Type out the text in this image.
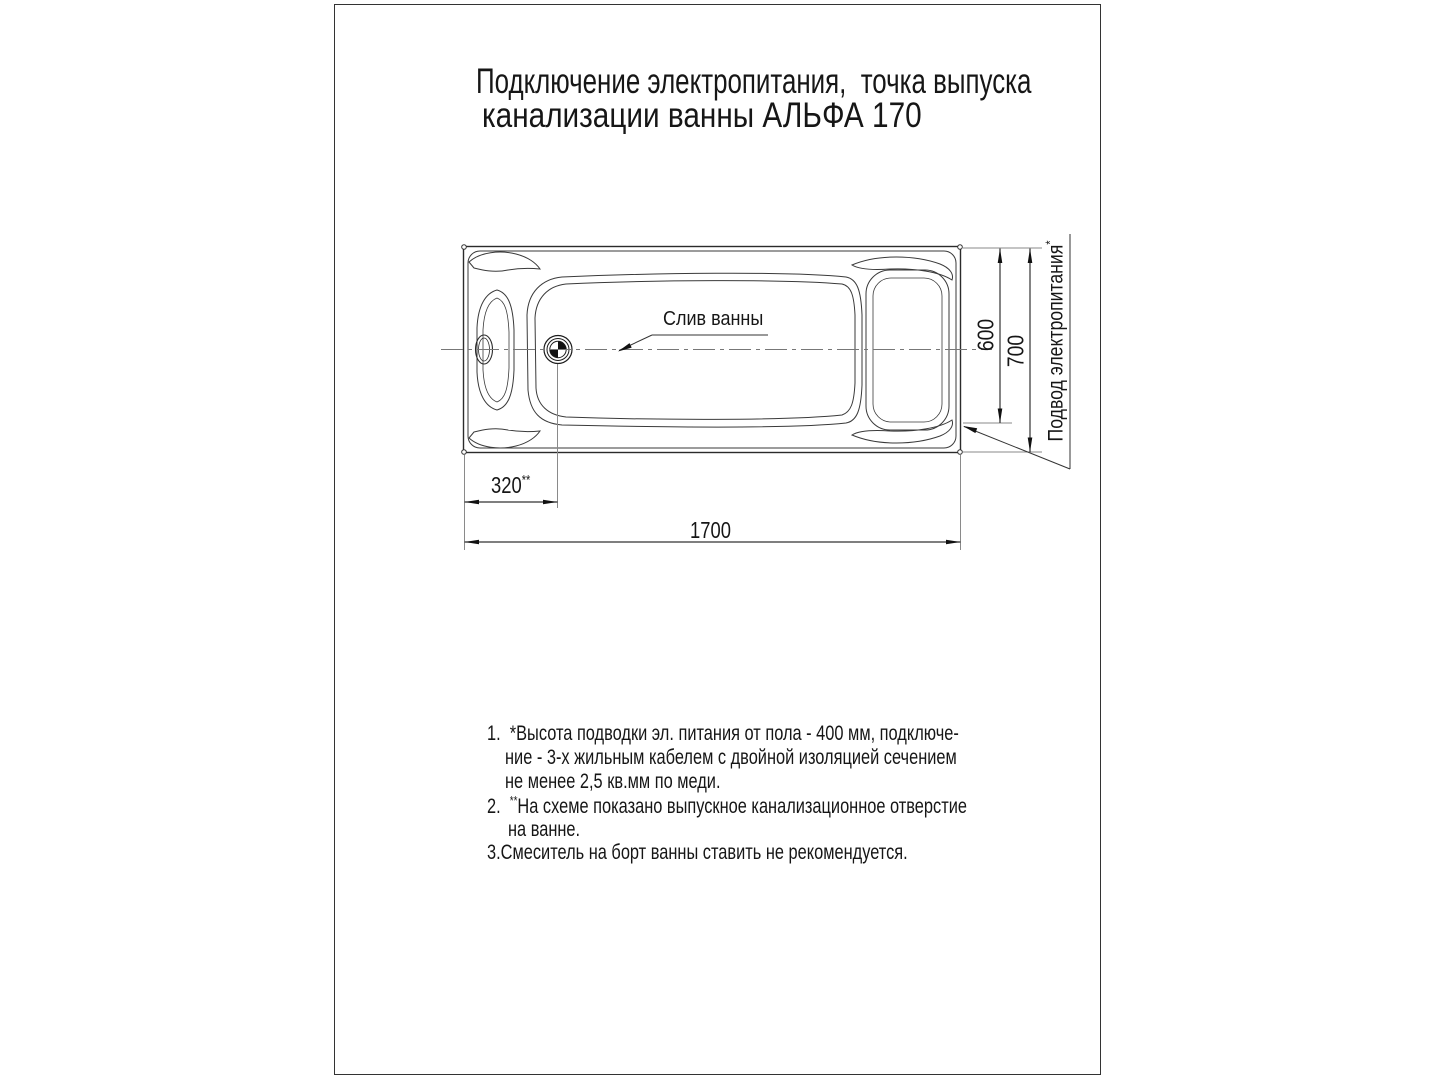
Подключение электропитания,  точка выпуска
канализации ванны АЛЬФА 170
Слив ванны
320**
1700
600 700 Подвод электропитания*
1.  *Высота подводки эл. питания от пола - 400 мм, подключе-
ние - 3-х жильным кабелем с двойной изоляцией сечением
не менее 2,5 кв.мм по меди.
2.  **На схеме показано выпускное канализационное отверстие
на ванне.
3.Смеситель на борт ванны ставить не рекомендуется.
